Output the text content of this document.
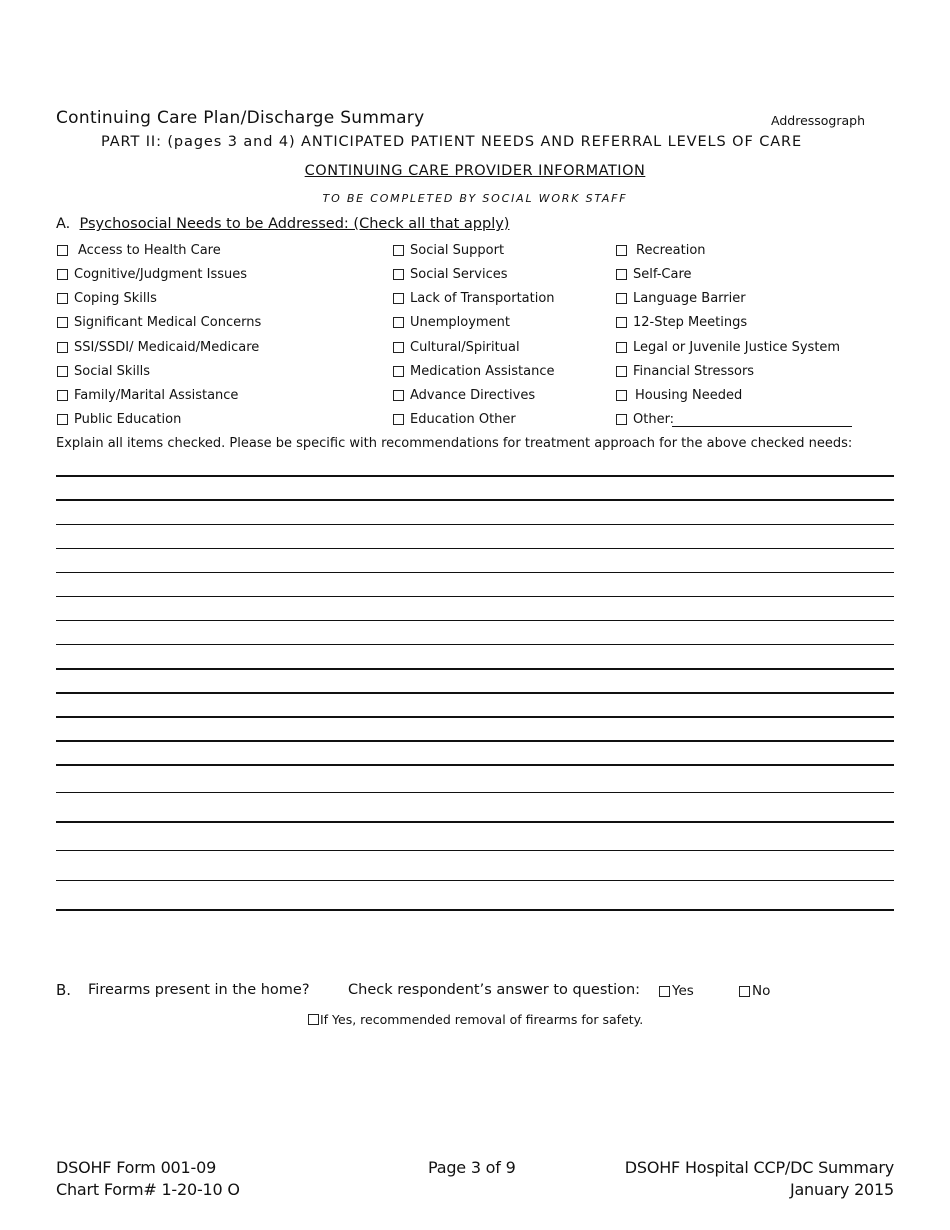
Continuing Care Plan/Discharge Summary	Addressograph
PART II: (pages 3 and 4) ANTICIPATED PATIENT NEEDS AND REFERRAL LEVELS OF CARE
CONTINUING CARE PROVIDER INFORMATION
TO BE COMPLETED BY SOCIAL WORK STAFF
A. Psychosocial Needs to be Addressed: (Check all that apply)
Access to Health Care
Cognitive/Judgment Issues
Coping Skills
Significant Medical Concerns
SSI/SSDI/ Medicaid/Medicare
Social Skills
Family/Marital Assistance
Public Education
Social Support
Social Services
Lack of Transportation
Unemployment
Cultural/Spiritual
Medication Assistance
Advance Directives
Education Other
Recreation
Self-Care
Language Barrier
12-Step Meetings
Legal or Juvenile Justice System
Financial Stressors
Housing Needed
Other:
Explain all items checked. Please be specific with recommendations for treatment approach for the above checked needs:
B. Firearms present in the home?	Check respondent’s answer to question: Yes	No
If Yes, recommended removal of firearms for safety.
DSOHF Form 001-09
Chart Form# 1-20-10 O
Page 3 of 9	DSOHF Hospital CCP/DC Summary
January 2015
